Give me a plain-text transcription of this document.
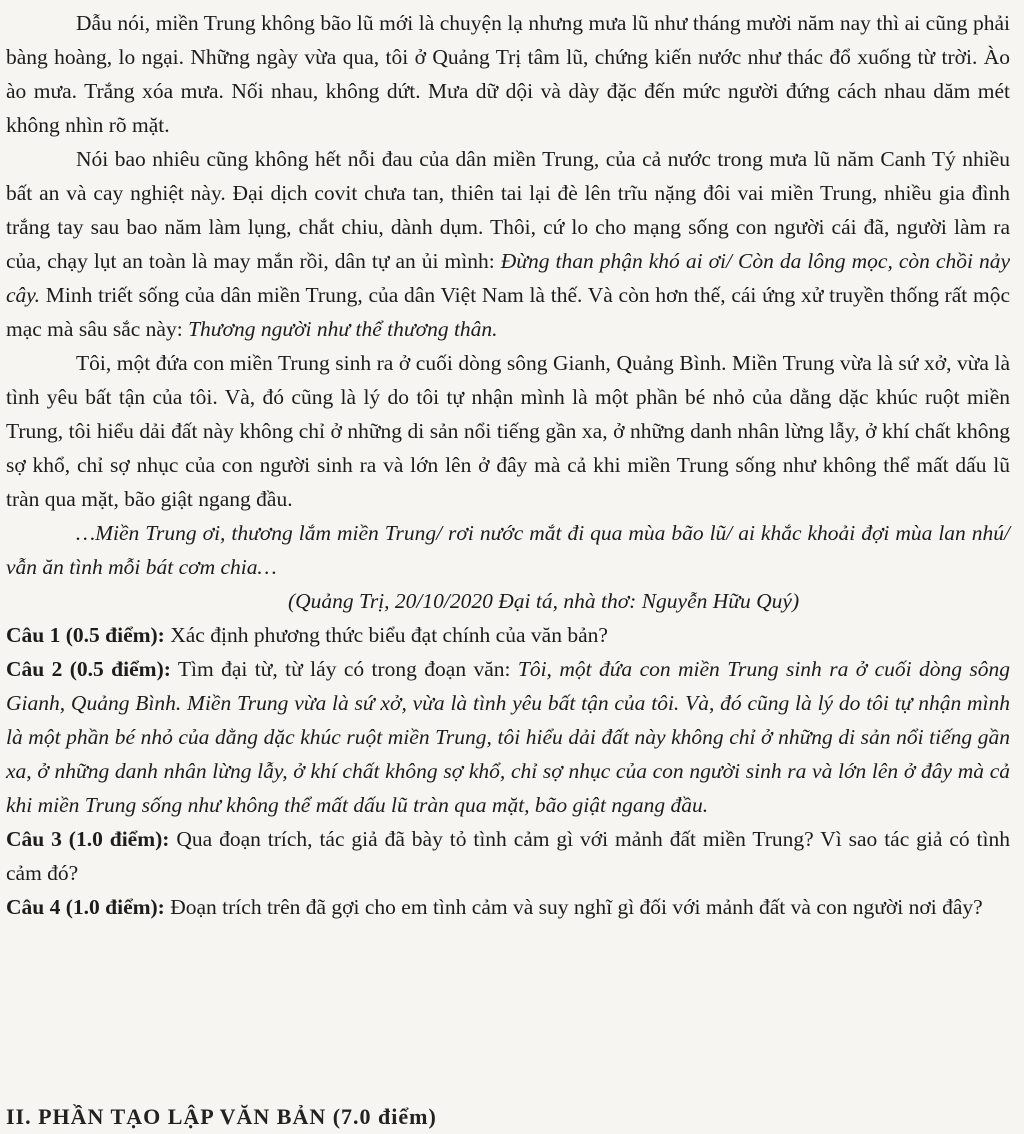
Dẫu nói, miền Trung không bão lũ mới là chuyện lạ nhưng mưa lũ như tháng mười năm nay thì ai cũng phải bàng hoàng, lo ngại. Những ngày vừa qua, tôi ở Quảng Trị tâm lũ, chứng kiến nước như thác đổ xuống từ trời. Ào ào mưa. Trắng xóa mưa. Nối nhau, không dứt. Mưa dữ dội và dày đặc đến mức người đứng cách nhau dăm mét không nhìn rõ mặt.

Nói bao nhiêu cũng không hết nỗi đau của dân miền Trung, của cả nước trong mưa lũ năm Canh Tý nhiều bất an và cay nghiệt này. Đại dịch covit chưa tan, thiên tai lại đè lên trĩu nặng đôi vai miền Trung, nhiều gia đình trắng tay sau bao năm làm lụng, chắt chiu, dành dụm. Thôi, cứ lo cho mạng sống con người cái đã, người làm ra của, chạy lụt an toàn là may mắn rồi, dân tự an ủi mình: Đừng than phận khó ai ơi/ Còn da lông mọc, còn chồi nảy cây. Minh triết sống của dân miền Trung, của dân Việt Nam là thế. Và còn hơn thế, cái ứng xử truyền thống rất mộc mạc mà sâu sắc này: Thương người như thể thương thân.

Tôi, một đứa con miền Trung sinh ra ở cuối dòng sông Gianh, Quảng Bình. Miền Trung vừa là sứ xở, vừa là tình yêu bất tận của tôi. Và, đó cũng là lý do tôi tự nhận mình là một phần bé nhỏ của dằng dặc khúc ruột miền Trung, tôi hiểu dải đất này không chỉ ở những di sản nổi tiếng gần xa, ở những danh nhân lừng lẫy, ở khí chất không sợ khổ, chỉ sợ nhục của con người sinh ra và lớn lên ở đây mà cả khi miền Trung sống như không thể mất dấu lũ tràn qua mặt, bão giật ngang đầu.

…Miền Trung ơi, thương lắm miền Trung/ rơi nước mắt đi qua mùa bão lũ/ ai khắc khoải đợi mùa lan nhú/ vẫn ăn tình mỗi bát cơm chia…

(Quảng Trị, 20/10/2020 Đại tá, nhà thơ: Nguyễn Hữu Quý)

Câu 1 (0.5 điểm): Xác định phương thức biểu đạt chính của văn bản?

Câu 2 (0.5 điểm): Tìm đại từ, từ láy có trong đoạn văn: Tôi, một đứa con miền Trung sinh ra ở cuối dòng sông Gianh, Quảng Bình. Miền Trung vừa là sứ xở, vừa là tình yêu bất tận của tôi. Và, đó cũng là lý do tôi tự nhận mình là một phần bé nhỏ của dằng dặc khúc ruột miền Trung, tôi hiểu dải đất này không chỉ ở những di sản nổi tiếng gần xa, ở những danh nhân lừng lẫy, ở khí chất không sợ khổ, chỉ sợ nhục của con người sinh ra và lớn lên ở đây mà cả khi miền Trung sống như không thể mất dấu lũ tràn qua mặt, bão giật ngang đầu.

Câu 3 (1.0 điểm): Qua đoạn trích, tác giả đã bày tỏ tình cảm gì với mảnh đất miền Trung? Vì sao tác giả có tình cảm đó?

Câu 4 (1.0 điểm): Đoạn trích trên đã gợi cho em tình cảm và suy nghĩ gì đối với mảnh đất và con người nơi đây?

II. PHẦN TẠO LẬP VĂN BẢN (7.0 điểm)
